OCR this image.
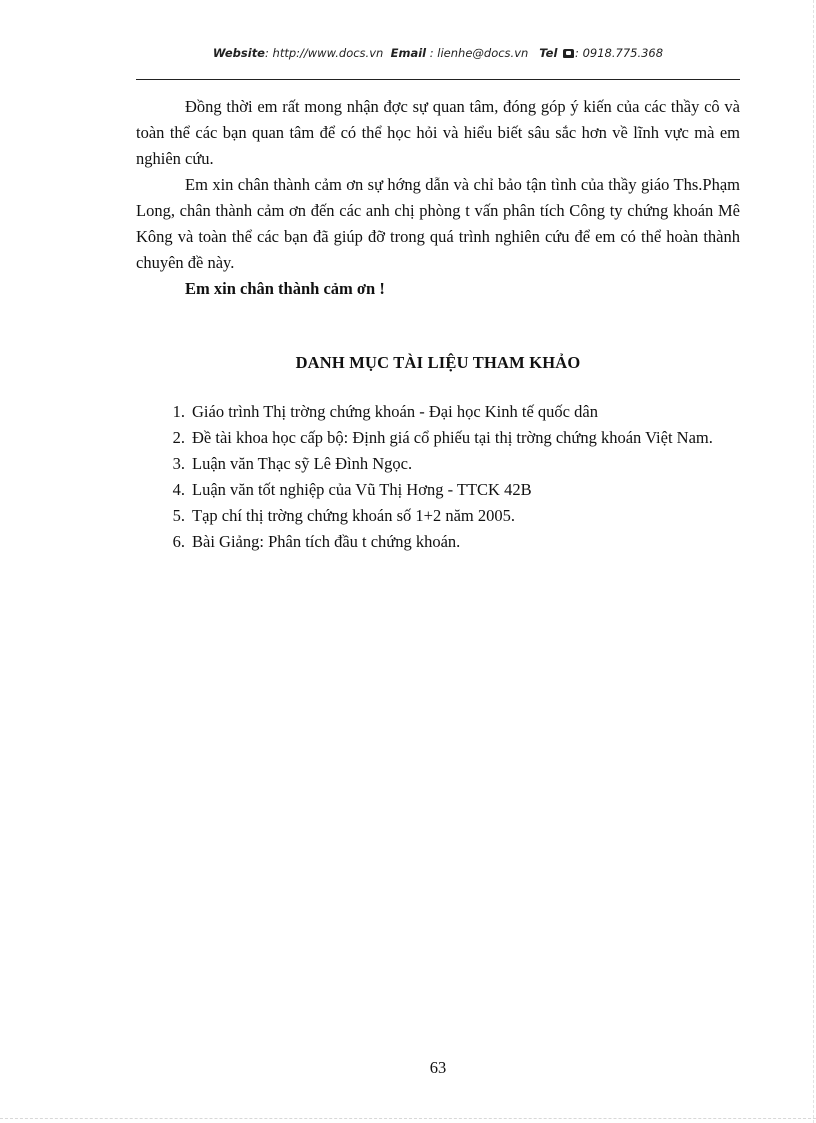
Website: http://www.docs.vn Email : lienhe@docs.vn Tel : 0918.775.368

Đồng thời em rất mong nhận đợc sự quan tâm, đóng góp ý kiến của các thầy cô và toàn thể các bạn quan tâm để có thể học hỏi và hiểu biết sâu sắc hơn về lĩnh vực mà em nghiên cứu.

Em xin chân thành cảm ơn sự hớng dẫn và chỉ bảo tận tình của thầy giáo Ths.Phạm Long, chân thành cảm ơn đến các anh chị phòng t vấn phân tích Công ty chứng khoán Mê Kông và toàn thể các bạn đã giúp đỡ trong quá trình nghiên cứu để em có thể hoàn thành chuyên đề này.

Em xin chân thành cảm ơn !

DANH MỤC TÀI LIỆU THAM KHẢO
1 . Giáo trình Thị trờng chứng khoán - Đại học Kinh tế quốc dân
2 . Đề tài khoa học cấp bộ: Định giá cổ phiếu tại thị trờng chứng khoán Việt Nam.
3 . Luận văn Thạc sỹ Lê Đình Ngọc.
4 . Luận văn tốt nghiệp của Vũ Thị Hơng - TTCK 42B
5 . Tạp chí thị trờng chứng khoán số 1+2 năm 2005.
6 . Bài Giảng: Phân tích đầu t chứng khoán.
63
